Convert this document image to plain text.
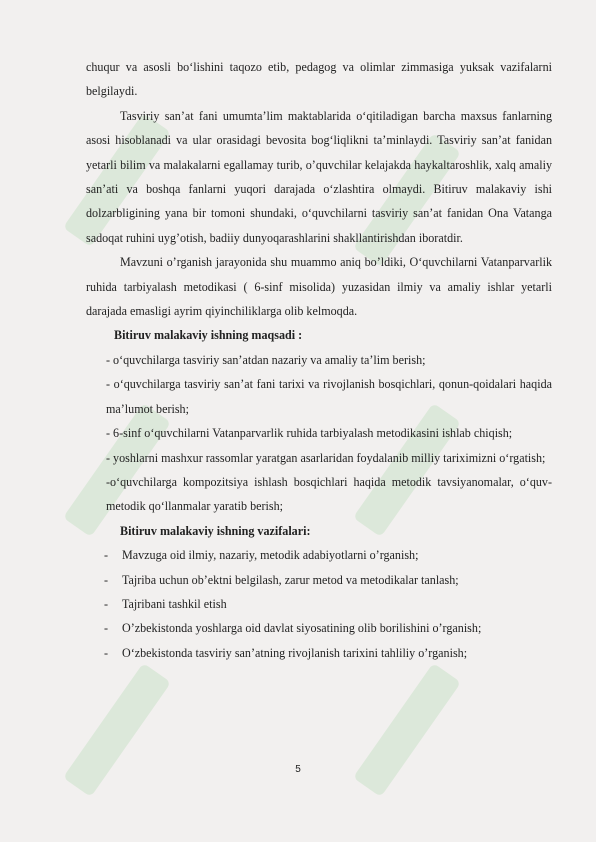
chuqur va asosli bo‘lishini taqozo etib, pedagog va olimlar zimmasiga yuksak vazifalarni belgilaydi.

Tasviriy san’at fani umumta’lim maktablarida o‘qitiladigan barcha maxsus fanlarning asosi hisoblanadi va ular orasidagi bevosita bog‘liqlikni ta’minlaydi. Tasviriy san’at fanidan yetarli bilim va malakalarni egallamay turib, o’quvchilar kelajakda haykaltaroshlik, xalq amaliy san’ati va boshqa fanlarni yuqori darajada o‘zlashtira olmaydi. Bitiruv malakaviy ishi dolzarbligining yana bir tomoni shundaki, o‘quvchilarni tasviriy san’at fanidan Ona Vatanga sadoqat ruhini uyg’otish, badiiy dunyoqarashlarini shakllantirishdan iboratdir.

Mavzuni o’rganish jarayonida shu muammo aniq bo’ldiki, O‘quvchilarni Vatanparvarlik ruhida tarbiyalash metodikasi ( 6-sinf misolida) yuzasidan ilmiy va amaliy ishlar yetarli darajada emasligi ayrim qiyinchiliklarga olib kelmoqda.

Bitiruv malakaviy ishning maqsadi :

- o‘quvchilarga tasviriy san’atdan nazariy va amaliy ta’lim berish;

- o‘quvchilarga tasviriy san’at fani tarixi va rivojlanish bosqichlari, qonun-qoidalari haqida ma’lumot berish;

- 6-sinf o‘quvchilarni Vatanparvarlik ruhida tarbiyalash metodikasini ishlab chiqish;

- yoshlarni mashxur rassomlar yaratgan asarlaridan foydalanib milliy tariximizni o‘rgatish;

-o‘quvchilarga kompozitsiya ishlash bosqichlari haqida metodik tavsiyanomalar, o‘quv-metodik qo‘llanmalar yaratib berish;

Bitiruv malakaviy ishning vazifalari:

-	Mavzuga oid ilmiy, nazariy, metodik adabiyotlarni o’rganish;
-	Tajriba uchun ob’ektni belgilash, zarur metod va metodikalar tanlash;
-	Tajribani tashkil etish
-	O’zbekistonda yoshlarga oid davlat siyosatining olib borilishini o’rganish;
-	O‘zbekistonda tasviriy san’atning rivojlanish tarixini tahliliy o’rganish;
5
